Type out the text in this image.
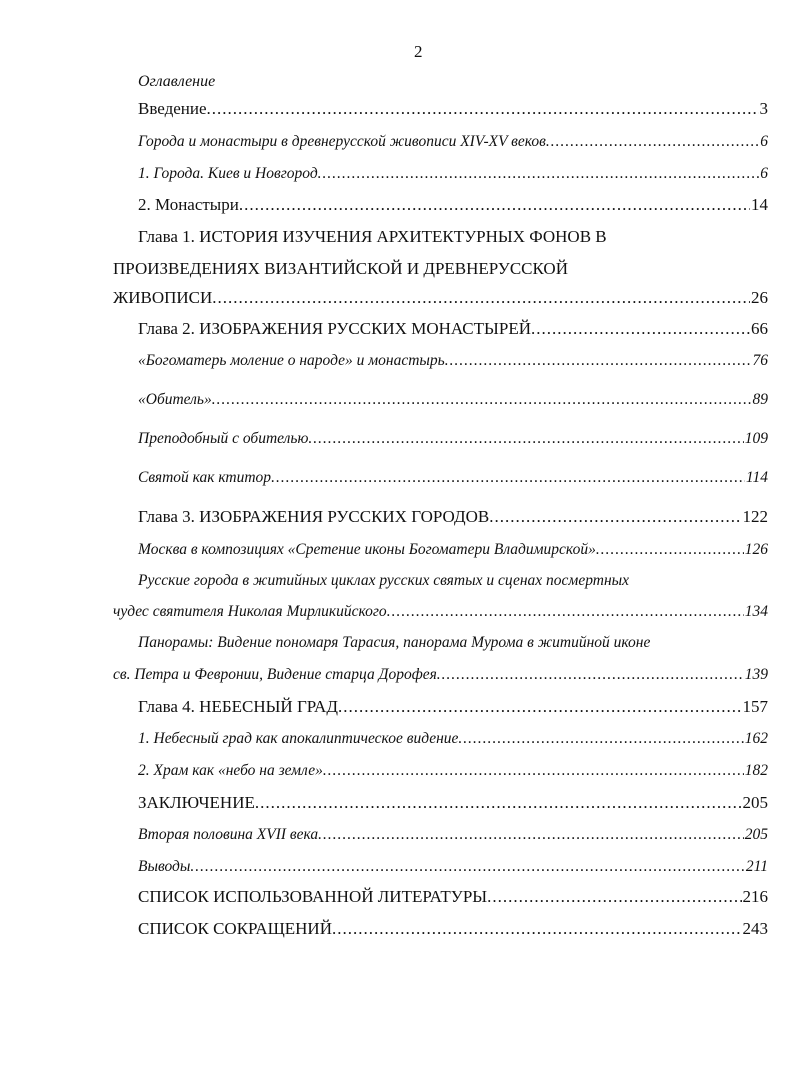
2
Оглавление
Введение .....	3
Города и монастыри в древнерусской живописи XIV-XV веков .....	6
1. Города. Киев и Новгород .....	6
2. Монастыри .....	14
Глава 1. ИСТОРИЯ ИЗУЧЕНИЯ АРХИТЕКТУРНЫХ ФОНОВ В
ПРОИЗВЕДЕНИЯХ ВИЗАНТИЙСКОЙ И ДРЕВНЕРУССКОЙ
ЖИВОПИСИ .....	26
Глава 2. ИЗОБРАЖЕНИЯ РУССКИХ МОНАСТЫРЕЙ .....	66
«Богоматерь моление о народе» и монастырь .....	76
«Обитель» .....	89
Преподобный с обителью .....	109
Святой как ктитор .....	114
Глава 3. ИЗОБРАЖЕНИЯ РУССКИХ ГОРОДОВ .....	122
Москва в композициях «Сретение иконы Богоматери Владимирской» .....	126
Русские города в житийных циклах русских святых и сценах посмертных
чудес святителя Николая Мирликийского .....	134
Панорамы: Видение пономаря Тарасия, панорама Мурома в житийной иконе
св. Петра и Февронии, Видение старца Дорофея .....	139
Глава 4. НЕБЕСНЫЙ ГРАД .....	157
1. Небесный град как апокалиптическое видение .....	162
2. Храм как «небо на земле» .....	182
ЗАКЛЮЧЕНИЕ .....	205
Вторая половина XVII века .....	205
Выводы .....	211
СПИСОК ИСПОЛЬЗОВАННОЙ ЛИТЕРАТУРЫ .....	216
СПИСОК СОКРАЩЕНИЙ .....	243
